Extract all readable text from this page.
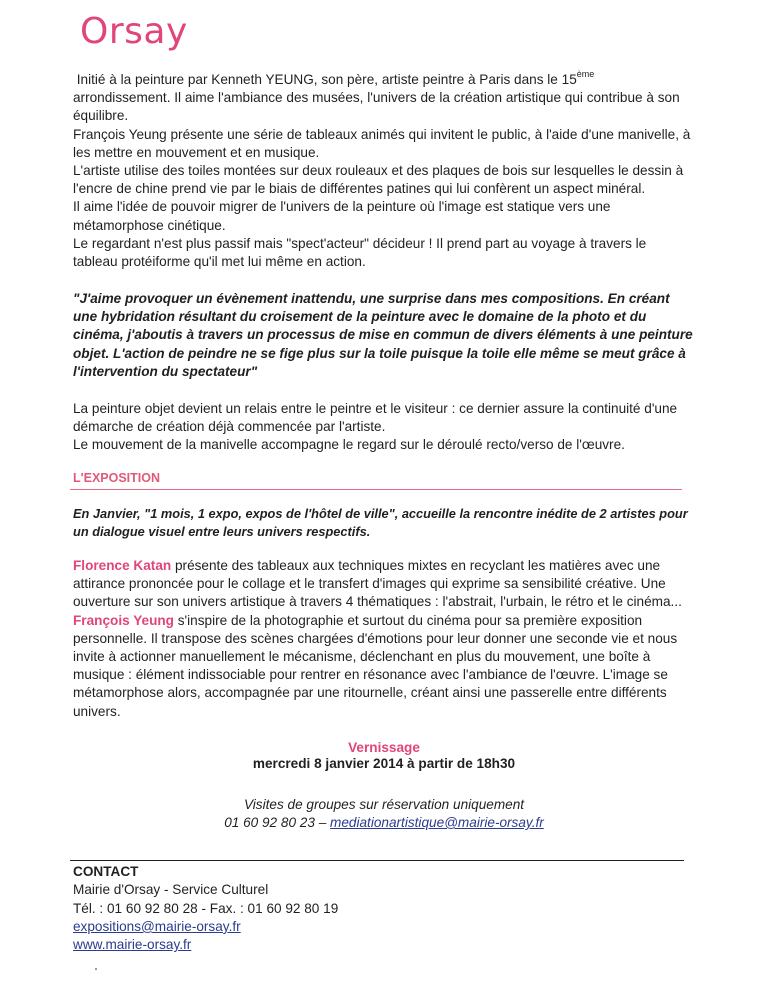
Orsay

Initié à la peinture par Kenneth YEUNG, son père, artiste peintre à Paris dans le 15ème arrondissement. Il aime l'ambiance des musées, l'univers de la création artistique qui contribue à son équilibre.

François Yeung présente une série de tableaux animés qui invitent le public, à l'aide d'une manivelle, à les mettre en mouvement et en musique.

L'artiste utilise des toiles montées sur deux rouleaux et des plaques de bois sur lesquelles le dessin à l'encre de chine prend vie par le biais de différentes patines qui lui confèrent un aspect minéral.

Il aime l'idée de pouvoir migrer de l'univers de la peinture où l'image est statique vers une métamorphose cinétique.

Le regardant n'est plus passif mais "spect'acteur" décideur ! Il prend part au voyage à travers le tableau protéiforme qu'il met lui même en action.

"J'aime provoquer un évènement inattendu, une surprise dans mes compositions. En créant une hybridation résultant du croisement de la peinture avec le domaine de la photo et du cinéma, j'aboutis à travers un processus de mise en commun de divers éléments à une peinture objet. L'action de peindre ne se fige plus sur la toile puisque la toile elle même se meut grâce à l'intervention du spectateur"

La peinture objet devient un relais entre le peintre et le visiteur : ce dernier assure la continuité d'une démarche de création déjà commencée par l'artiste.

Le mouvement de la manivelle accompagne le regard sur le déroulé recto/verso de l'œuvre.

L'EXPOSITION
En Janvier, "1 mois, 1 expo, expos de l'hôtel de ville", accueille la rencontre inédite de 2 artistes pour un dialogue visuel entre leurs univers respectifs.

Florence Katan présente des tableaux aux techniques mixtes en recyclant les matières avec une attirance prononcée pour le collage et le transfert d'images qui exprime sa sensibilité créative. Une ouverture sur son univers artistique à travers 4 thématiques : l'abstrait, l'urbain, le rétro et le cinéma...

François Yeung s'inspire de la photographie et surtout du cinéma pour sa première exposition personnelle. Il transpose des scènes chargées d'émotions pour leur donner une seconde vie et nous invite à actionner manuellement le mécanisme, déclenchant en plus du mouvement, une boîte à musique : élément indissociable pour rentrer en résonance avec l'ambiance de l'œuvre. L'image se métamorphose alors, accompagnée par une ritournelle, créant ainsi une passerelle entre différents univers.

Vernissage
mercredi 8 janvier 2014 à partir de 18h30
Visites de groupes sur réservation uniquement
01 60 92 80 23 – mediationartistique@mairie-orsay.fr
CONTACT
Mairie d'Orsay - Service Culturel
Tél. : 01 60 92 80 28 - Fax. : 01 60 92 80 19
expositions@mairie-orsay.fr
www.mairie-orsay.fr
